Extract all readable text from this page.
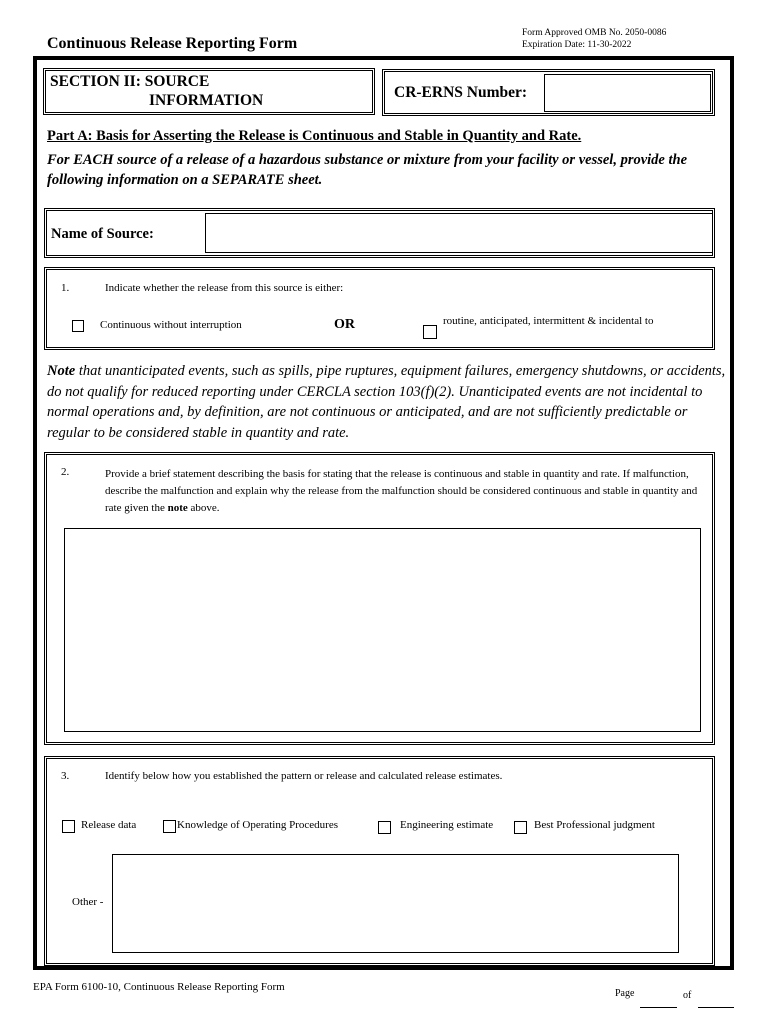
Continuous Release Reporting Form
Form Approved OMB No. 2050-0086
Expiration Date: 11-30-2022
SECTION II: SOURCE
INFORMATION	CR-ERNS Number:
Part A: Basis for Asserting the Release is Continuous and Stable in Quantity and Rate.
For EACH source of a release of a hazardous substance or mixture from your facility or vessel, provide the following information on a SEPARATE sheet.
Name of Source:
1.	Indicate whether the release from this source is either:
Continuous without interruption	OR	routine, anticipated, intermittent & incidental to
Note that unanticipated events, such as spills, pipe ruptures, equipment failures, emergency shutdowns, or accidents, do not qualify for reduced reporting under CERCLA section 103(f)(2). Unanticipated events are not incidental to normal operations and, by definition, are not continuous or anticipated, and are not sufficiently predictable or regular to be considered stable in quantity and rate.
2.	Provide a brief statement describing the basis for stating that the release is continuous and stable in quantity and rate. If malfunction, describe the malfunction and explain why the release from the malfunction should be considered continuous and stable in quantity and rate given the note above.
3.	Identify below how you established the pattern or release and calculated release estimates.
Release data	Knowledge of Operating Procedures	Engineering estimate	Best Professional judgment
Other -
EPA Form 6100-10, Continuous Release Reporting Form
Page	of
